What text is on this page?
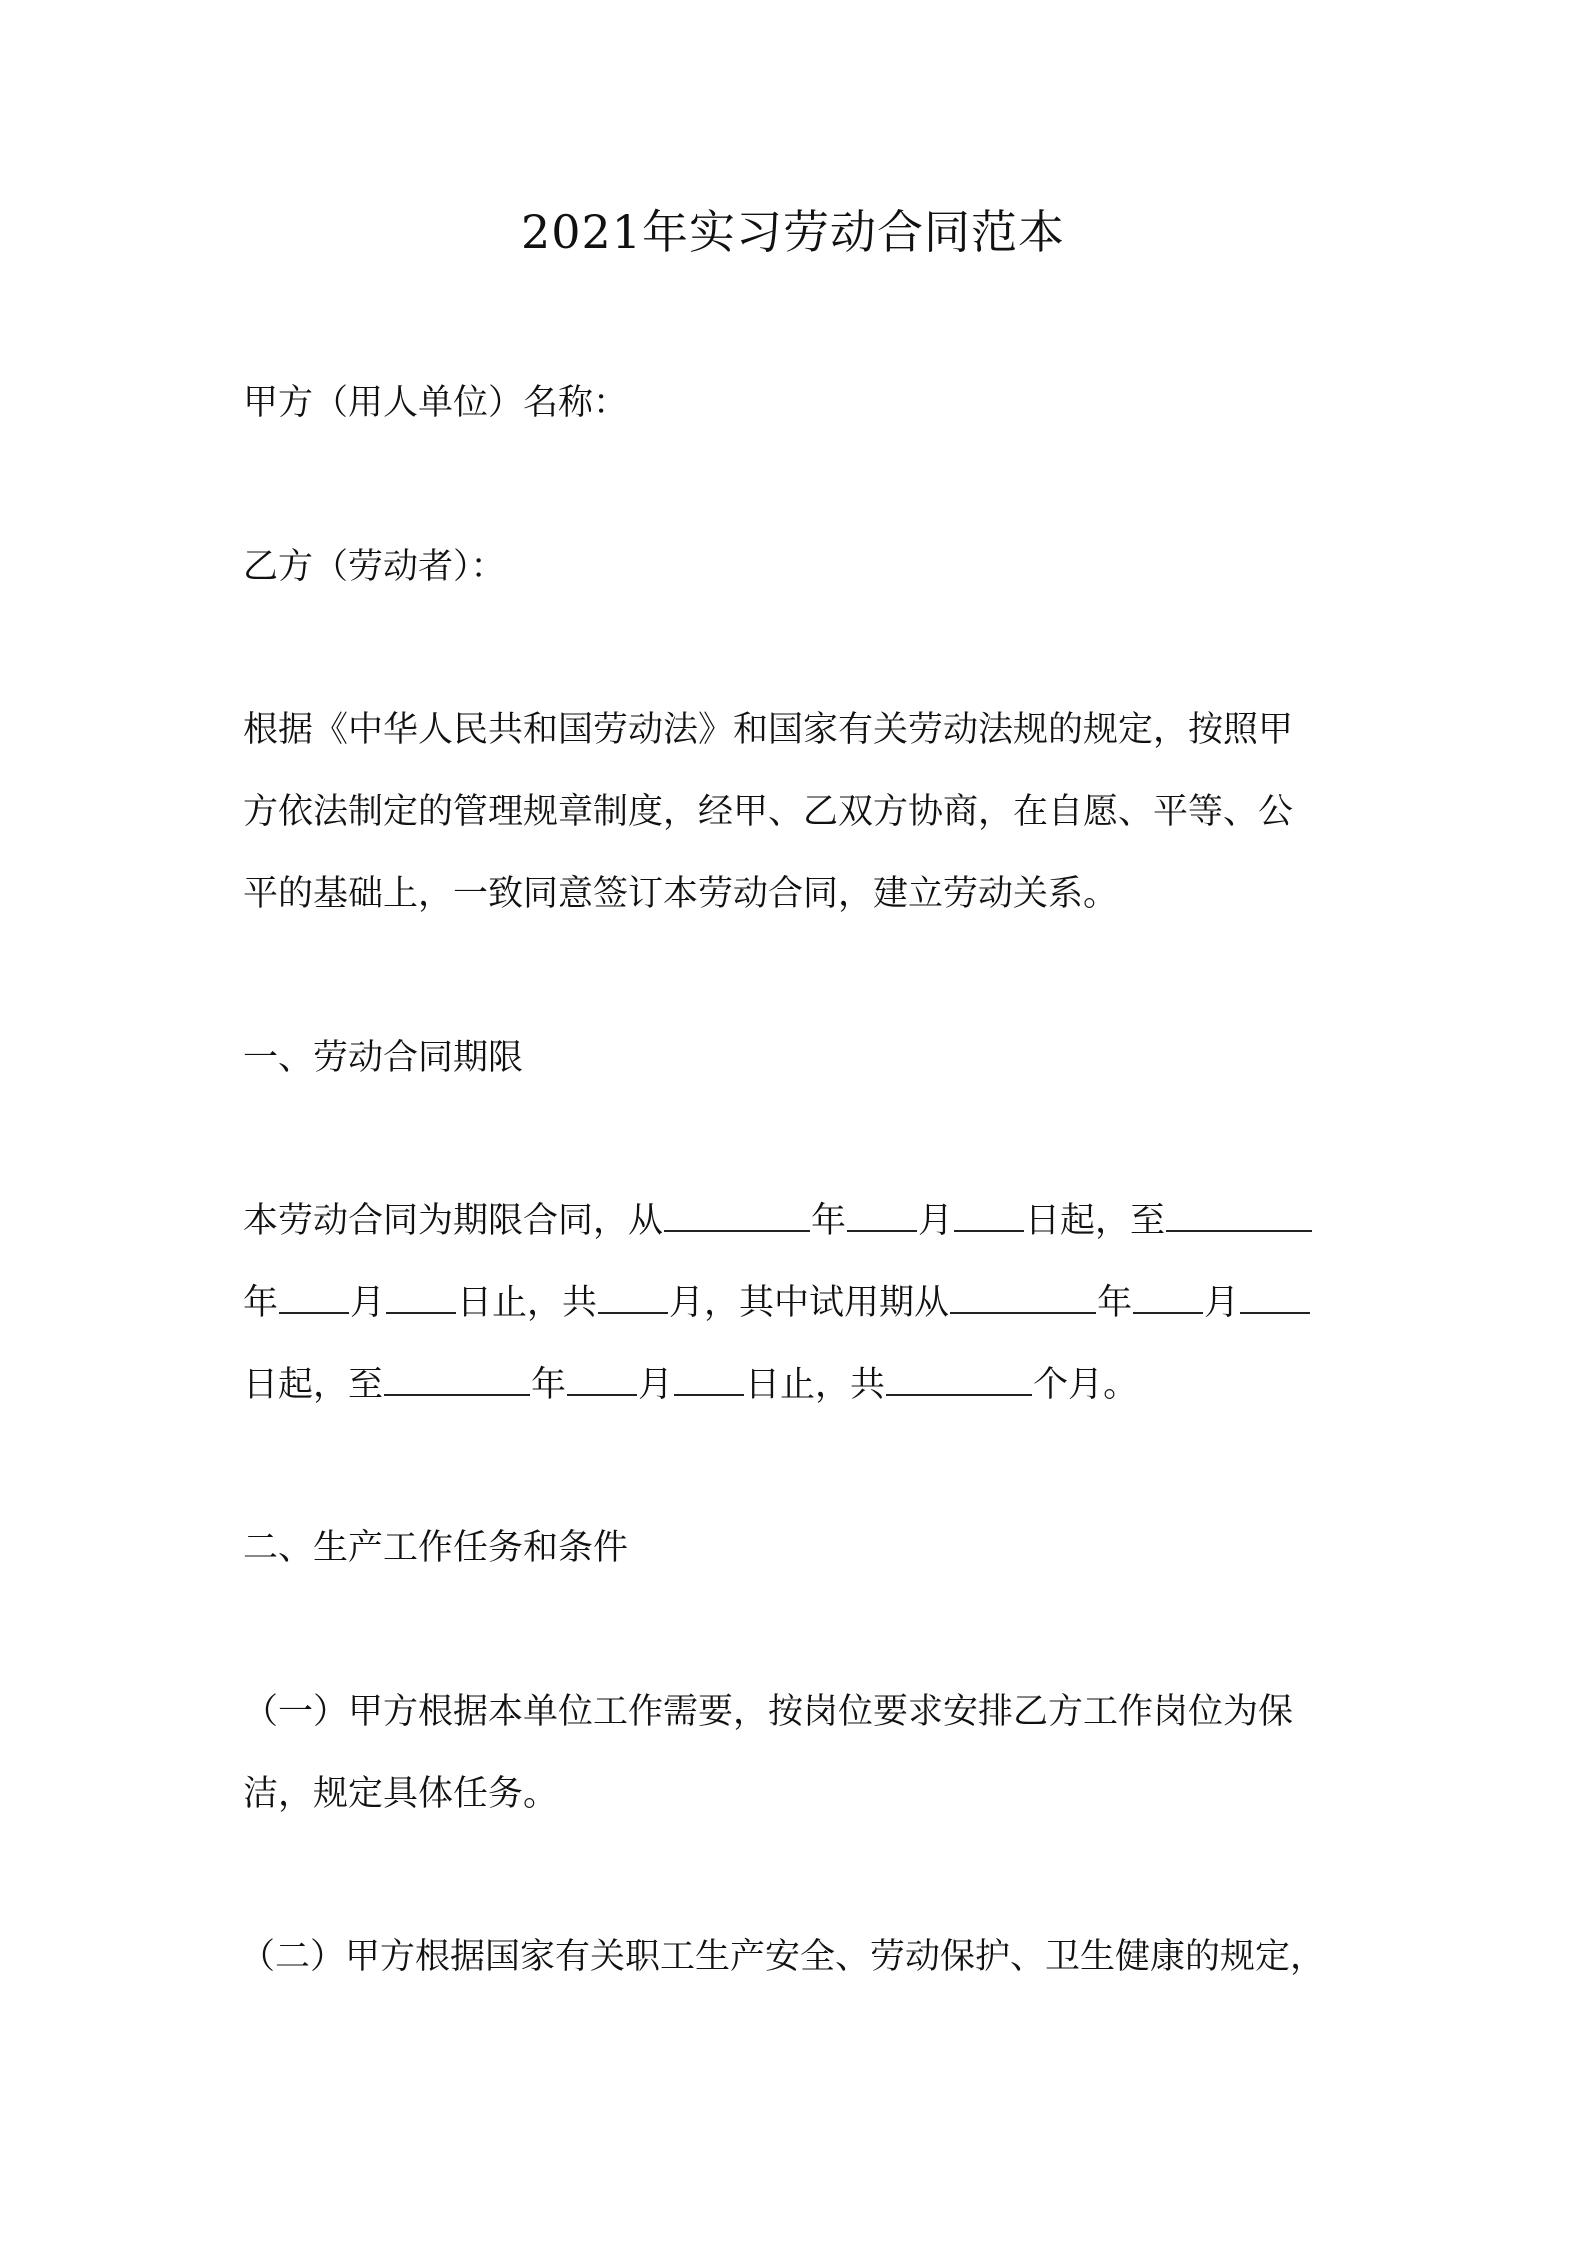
2021年实习劳动合同范本
甲方（用人单位）名称：
乙方（劳动者）：
根据《中华人民共和国劳动法》和国家有关劳动法规的规定，按照甲
方依法制定的管理规章制度，经甲、乙双方协商，在自愿、平等、公
平的基础上，一致同意签订本劳动合同，建立劳动关系。
一、劳动合同期限
本劳动合同为期限合同，从	年 月 日起，至
年 月 日止，共 月，其中试用期从	年 月
日起，至	年 月 日止，共	个月。
二、生产工作任务和条件
（一）甲方根据本单位工作需要，按岗位要求安排乙方工作岗位为保
洁，规定具体任务。
（二）甲方根据国家有关职工生产安全、劳动保护、卫生健康的规定，
